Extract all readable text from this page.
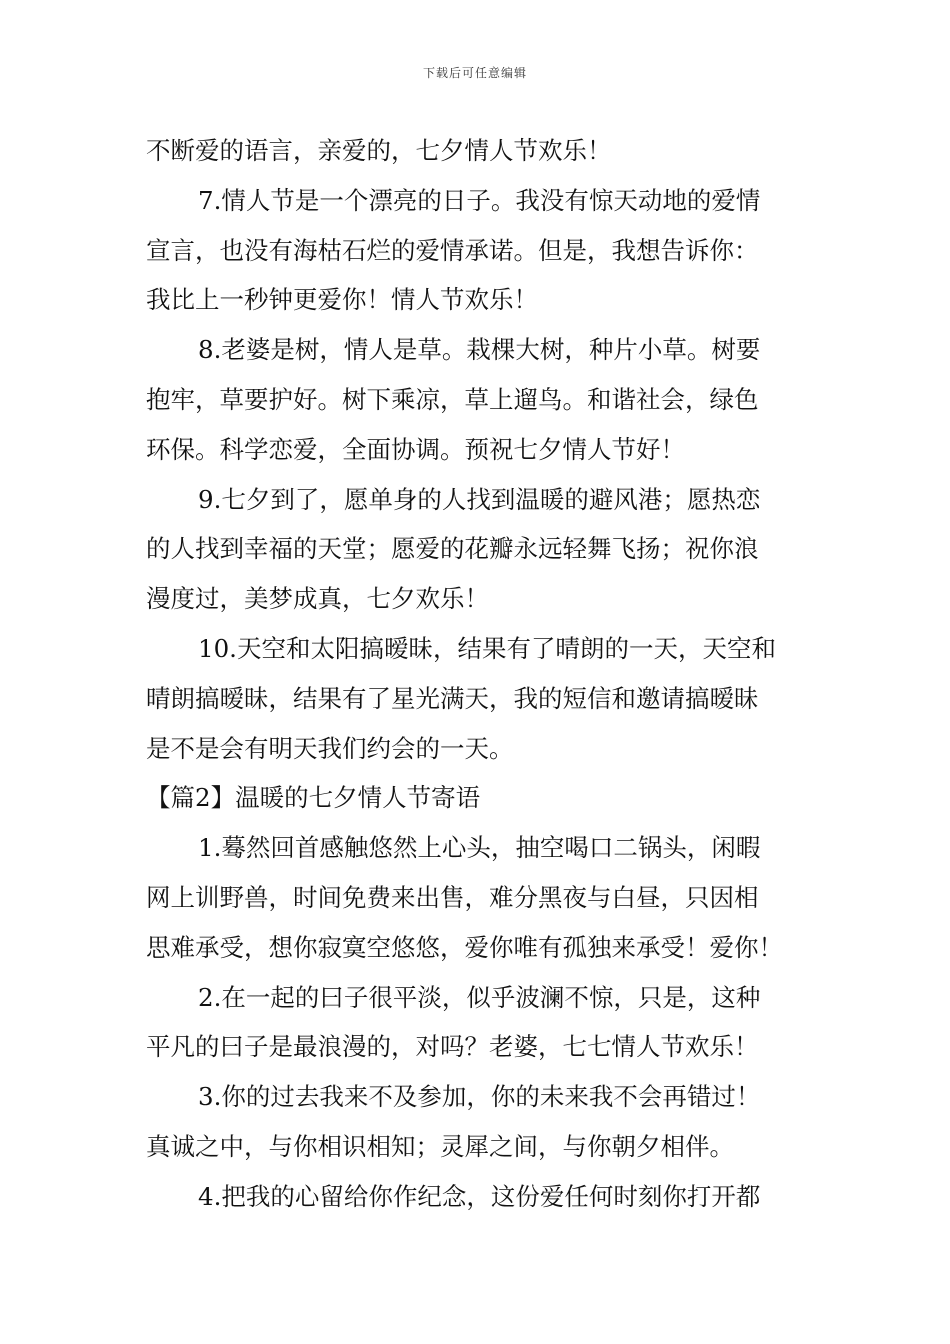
下载后可任意编辑
不断爱的语言，亲爱的，七夕情人节欢乐！
7.情人节是一个漂亮的日子。我没有惊天动地的爱情
宣言，也没有海枯石烂的爱情承诺。但是，我想告诉你：
我比上一秒钟更爱你！情人节欢乐！
8.老婆是树，情人是草。栽棵大树，种片小草。树要
抱牢，草要护好。树下乘凉，草上遛鸟。和谐社会，绿色
环保。科学恋爱，全面协调。预祝七夕情人节好！
9.七夕到了，愿单身的人找到温暖的避风港；愿热恋
的人找到幸福的天堂；愿爱的花瓣永远轻舞飞扬；祝你浪
漫度过，美梦成真，七夕欢乐！
10.天空和太阳搞暧昧，结果有了晴朗的一天，天空和
晴朗搞暧昧，结果有了星光满天，我的短信和邀请搞暧昧
是不是会有明天我们约会的一天。
【篇2】温暖的七夕情人节寄语
1.蓦然回首感触悠然上心头，抽空喝口二锅头，闲暇
网上训野兽，时间免费来出售，难分黑夜与白昼，只因相
思难承受，想你寂寞空悠悠，爱你唯有孤独来承受！爱你！
2.在一起的曰子很平淡，似乎波澜不惊，只是，这种
平凡的曰子是最浪漫的，对吗？老婆，七七情人节欢乐！
3.你的过去我来不及参加，你的未来我不会再错过！
真诚之中，与你相识相知；灵犀之间，与你朝夕相伴。
4.把我的心留给你作纪念，这份爱任何时刻你打开都
